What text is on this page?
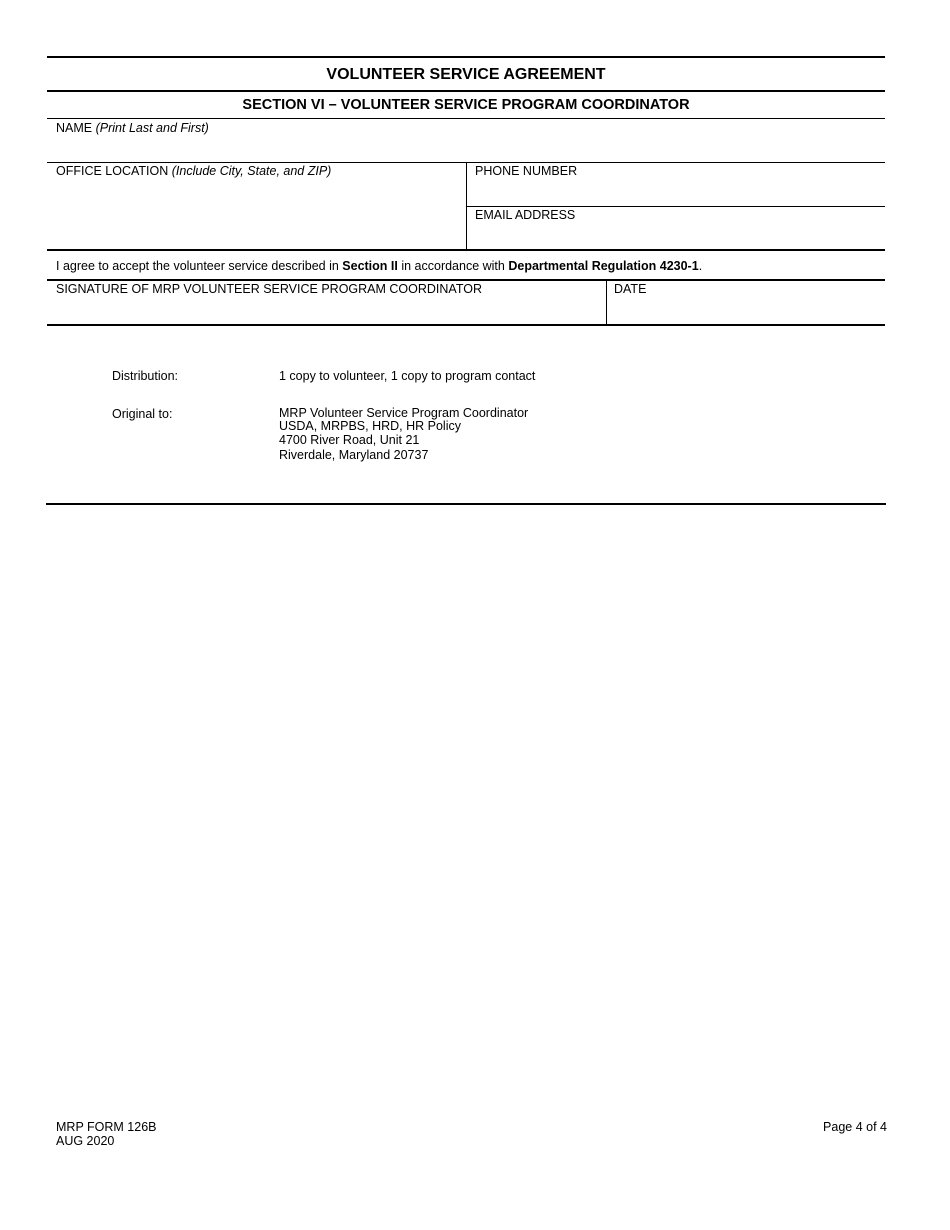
VOLUNTEER SERVICE AGREEMENT
SECTION VI – VOLUNTEER SERVICE PROGRAM COORDINATOR
NAME (Print Last and First)
OFFICE LOCATION (Include City, State, and ZIP)	PHONE NUMBER
EMAIL ADDRESS
I agree to accept the volunteer service described in Section II in accordance with Departmental Regulation 4230-1.
SIGNATURE OF MRP VOLUNTEER SERVICE PROGRAM COORDINATOR	DATE
Distribution:	1 copy to volunteer, 1 copy to program contact
Original to:	MRP Volunteer Service Program Coordinator
USDA, MRPBS, HRD, HR Policy
4700 River Road, Unit 21
Riverdale, Maryland 20737
MRP FORM 126B
AUG 2020
Page 4 of 4
